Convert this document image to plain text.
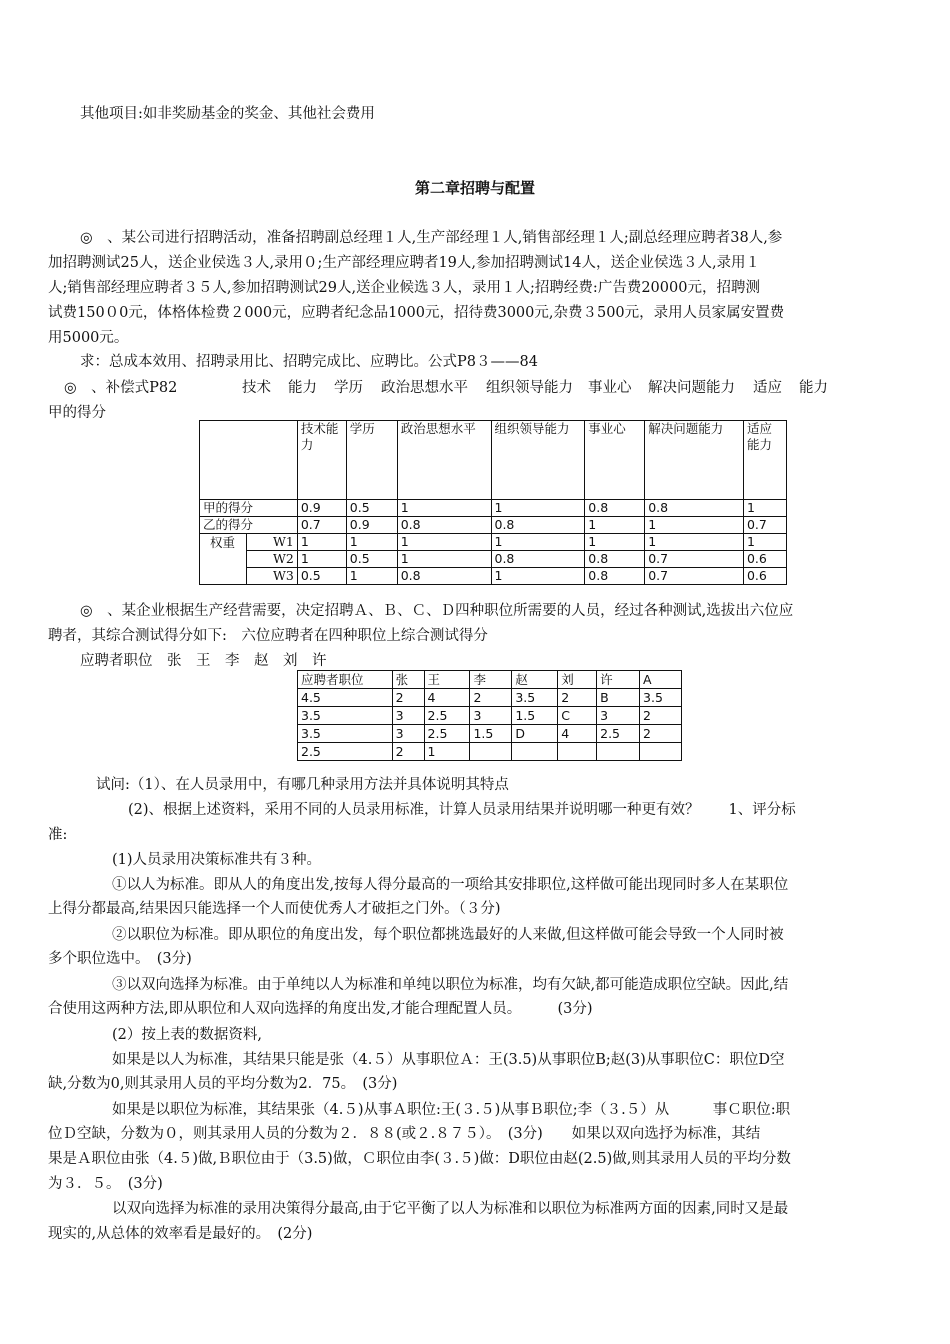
其他项目:如非奖励基金的奖金、其他社会费用
第二章招聘与配置
◎　、某公司进行招聘活动，准备招聘副总经理１人,生产部经理１人,销售部经理１人;副总经理应聘者38人,参
加招聘测试25人，送企业侯选３人,录用０;生产部经理应聘者19人,参加招聘测试14人，送企业侯选３人,录用１
人;销售部经理应聘者３５人,参加招聘测试29人,送企业候选３人，录用１人;招聘经费:广告费20000元，招聘测
试费150０0元，体格体检费２000元，应聘者纪念品1000元，招待费3000元,杂费３500元，录用人员家属安置费
用5000元。
求：总成本效用、招聘录用比、招聘完成比、应聘比。公式P8３——84
◎　、补偿式P82	技术 能力 学历 政治思想水平 组织领导能力 事业心 解决问题能力 适应 能力
甲的得分
		技术能力	学历	政治思想水平	组织领导能力	事业心	解决问题能力	适应能力
甲的得分		0.9	0.5	1	1	0.8	0.8	1
乙的得分		0.7	0.9	0.8	0.8	1	1	0.7
权重	W1	1	1	1	1	1	1	1
	W2	1	0.5	1	0.8	0.8	0.7	0.6
	W3	0.5	1	0.8	1	0.8	0.7	0.6
◎　、某企业根据生产经营需要，决定招聘Ａ、Ｂ、Ｃ、Ｄ四种职位所需要的人员，经过各种测试,选拔出六位应
聘者，其综合测试得分如下:　六位应聘者在四种职位上综合测试得分
应聘者职位　张　王　李　赵　刘　许
应聘者职位	张	王	李	赵	刘	许	A
4.5	2	4	2	3.5	2	B	3.5
3.5	3	2.5	3	1.5	C	3	2
3.5	3	2.5	1.5	D	4	2.5	2
2.5	2	1					
试问:（1）、在人员录用中，有哪几种录用方法并具体说明其特点
(2)、根据上述资料，采用不同的人员录用标准，计算人员录用结果并说明哪一种更有效？　　1、评分标
准:
(1)人员录用决策标准共有３种。
①以人为标准。即从人的角度出发,按每人得分最高的一项给其安排职位,这样做可能出现同时多人在某职位
上得分都最高,结果因只能选择一个人而使优秀人才破拒之门外。（３分)
②以职位为标准。即从职位的角度出发，每个职位都挑选最好的人来做,但这样做可能会导致一个人同时被
多个职位选中。　(3分)
③以双向选择为标准。由于单纯以人为标准和单纯以职位为标准，均有欠缺,都可能造成职位空缺。因此,结
合使用这两种方法,即从职位和人双向选择的角度出发,才能合理配置人员。　　　(3分)
(2）按上表的数据资料,
如果是以人为标准，其结果只能是张（4.５）从事职位Ａ：王(3.5)从事职位B;赵(3)从事职位C：职位D空
缺,分数为0,则其录用人员的平均分数为2．75。　(3分)
如果是以职位为标准，其结果张（4.５)从事Ａ职位:王(３.５)从事Ｂ职位;李（３.５）从　　　事Ｃ职位:职
位Ｄ空缺，分数为０，则其录用人员的分数为２．８８(或２.８７５）。　(3分)　　如果以双向选抒为标准，其结
果是Ａ职位由张（4.５)做,Ｂ职位由于（3.5)做，Ｃ职位由李(３.５)做：D职位由赵(2.5)做,则其录用人员的平均分数
为３．５。　(3分)
以双向选择为标准的录用决策得分最高,由于它平衡了以人为标准和以职位为标准两方面的因素,同时又是最
现实的,从总体的效率看是最好的。　(2分)
